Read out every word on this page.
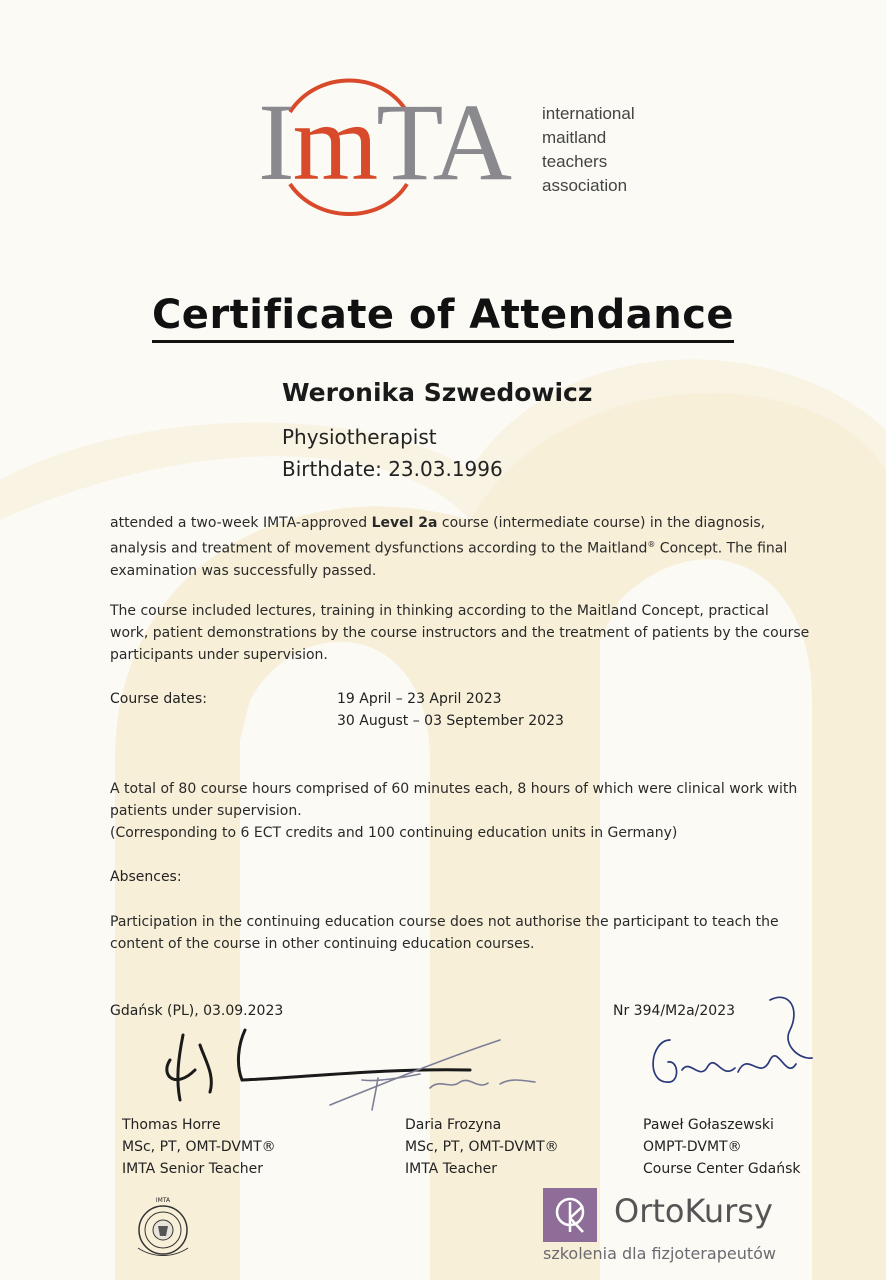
ImTA international
maitland
teachers
association
Certificate of Attendance
Weronika Szwedowicz
Physiotherapist
Birthdate: 23.03.1996
attended a two-week IMTA-approved Level 2a course (intermediate course) in the diagnosis, analysis and treatment of movement dysfunctions according to the Maitland® Concept. The final examination was successfully passed.
The course included lectures, training in thinking according to the Maitland Concept, practical work, patient demonstrations by the course instructors and the treatment of patients by the course participants under supervision.
Course dates:	19 April – 23 April 2023
30 August – 03 September 2023
A total of 80 course hours comprised of 60 minutes each, 8 hours of which were clinical work with patients under supervision.
(Corresponding to 6 ECT credits and 100 continuing education units in Germany)
Absences:
Participation in the continuing education course does not authorise the participant to teach the content of the course in other continuing education courses.
Gdańsk (PL), 03.09.2023	Nr 394/M2a/2023
Thomas Horre
MSc, PT, OMT-DVMT®
IMTA Senior Teacher
Daria Frozyna
MSc, PT, OMT-DVMT®
IMTA Teacher
Paweł Gołaszewski
OMPT-DVMT®
Course Center Gdańsk
IMTA	OrtoKursy
szkolenia dla fizjoterapeutów
